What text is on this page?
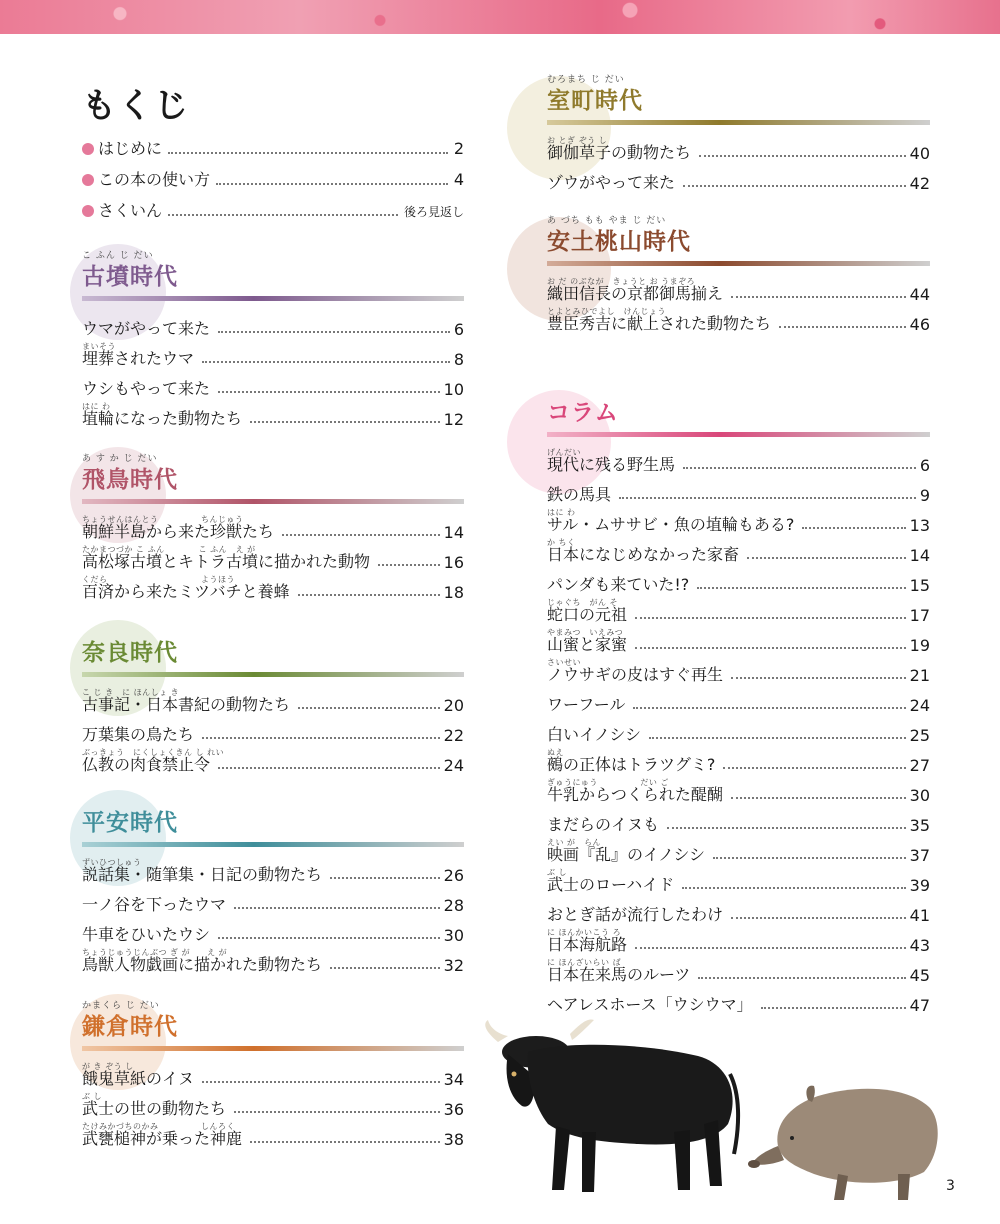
もくじ
はじめに	2
この本の使い方	4
さくいん	後ろ見返し
こ ふん じ だい
古墳時代
ウマがやって来た	6
まいそう
埋葬されたウマ	8
ウシもやって来た	10
はに わ
埴輪になった動物たち	12
あ す か じ だい
飛鳥時代
ちょうせんはんとう　　　　　ちんじゅう
朝鮮半島から来た珍獣たち	14
たかまつづか こ ふん　　　　こ ふん　え が
高松塚古墳とキトラ古墳に描かれた動物	16
くだら　　　　　　　　　　　ようほう
百済から来たミツバチと養蜂	18
奈良時代
こ じ き　に ほんしょ き
古事記・日本書紀の動物たち	20
万葉集の鳥たち	22
ぶっきょう　にくしょくきん し れい
仏教の肉食禁止令	24
平安時代
ずいひつしゅう
説話集・随筆集・日記の動物たち	26
一ノ谷を下ったウマ	28
牛車をひいたウシ	30
ちょうじゅうじんぶつ ぎ が　　え が
鳥獣人物戯画に描かれた動物たち	32
かまくら じ だい
鎌倉時代
が き ぞう し
餓鬼草紙のイヌ	34
ぶ し
武士の世の動物たち	36
たけみかづちのかみ　　　　　しんろく
武甕槌神が乗った神鹿	38
むろまち じ だい
室町時代
お とぎ ぞう し
御伽草子の動物たち	40
ゾウがやって来た	42
あ づち もも やま じ だい
安土桃山時代
お だ のぶなが　きょうと お うまぞろ
織田信長の京都御馬揃え	44
とよとみひでよし　けんじょう
豊臣秀吉に献上された動物たち	46
コラム
げんだい
現代に残る野生馬	6
鉄の馬具	9
はに わ
サル・ムササビ・魚の埴輪もある?	13
か ちく
日本になじめなかった家畜	14
パンダも来ていた!?	15
じゃぐち　がん そ
蛇口の元祖	17
やまみつ　いえみつ
山蜜と家蜜	19
さいせい
ノウサギの皮はすぐ再生	21
ワーフール	24
白いイノシシ	25
ぬえ
鵺の正体はトラツグミ?	27
ぎゅうにゅう　　　　　だい ご
牛乳からつくられた醍醐	30
まだらのイヌも	35
えい が　らん
映画『乱』のイノシシ	37
ぶ し
武士のローハイド	39
おとぎ話が流行したわけ	41
に ほんかいこう ろ
日本海航路	43
に ほんざいらい ば
日本在来馬のルーツ	45
ヘアレスホース「ウシウマ」	47
3
